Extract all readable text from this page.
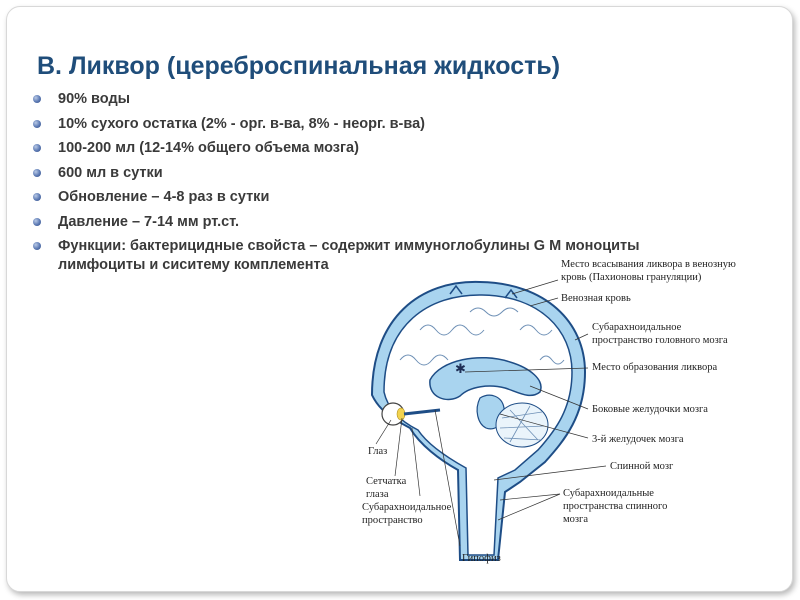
В. Ликвор (цереброспинальная жидкость)
90% воды
10% сухого остатка (2% - орг. в-ва, 8% - неорг. в-ва)
100-200 мл (12-14% общего объема мозга)
600 мл в сутки
Обновление – 4-8 раз в сутки
Давление – 7-14 мм рт.ст.
Функции: бактерицидные свойста – содержит иммуноглобулины G M моноциты
лимфоциты и сиситему комплемента
✱
Место всасывания ликвора в венозную
кровь (Пахионовы грануляции)
Венозная кровь
Субарахноидальное
пространство головного мозга
Место образования ликвора
Боковые желудочки мозга
3-й желудочек мозга
Спинной мозг
Субарахноидальные
пространства спинного
мозга
Глаз
Сетчатка
глаза
Субарахноидальное
пространство
Гипофиз
